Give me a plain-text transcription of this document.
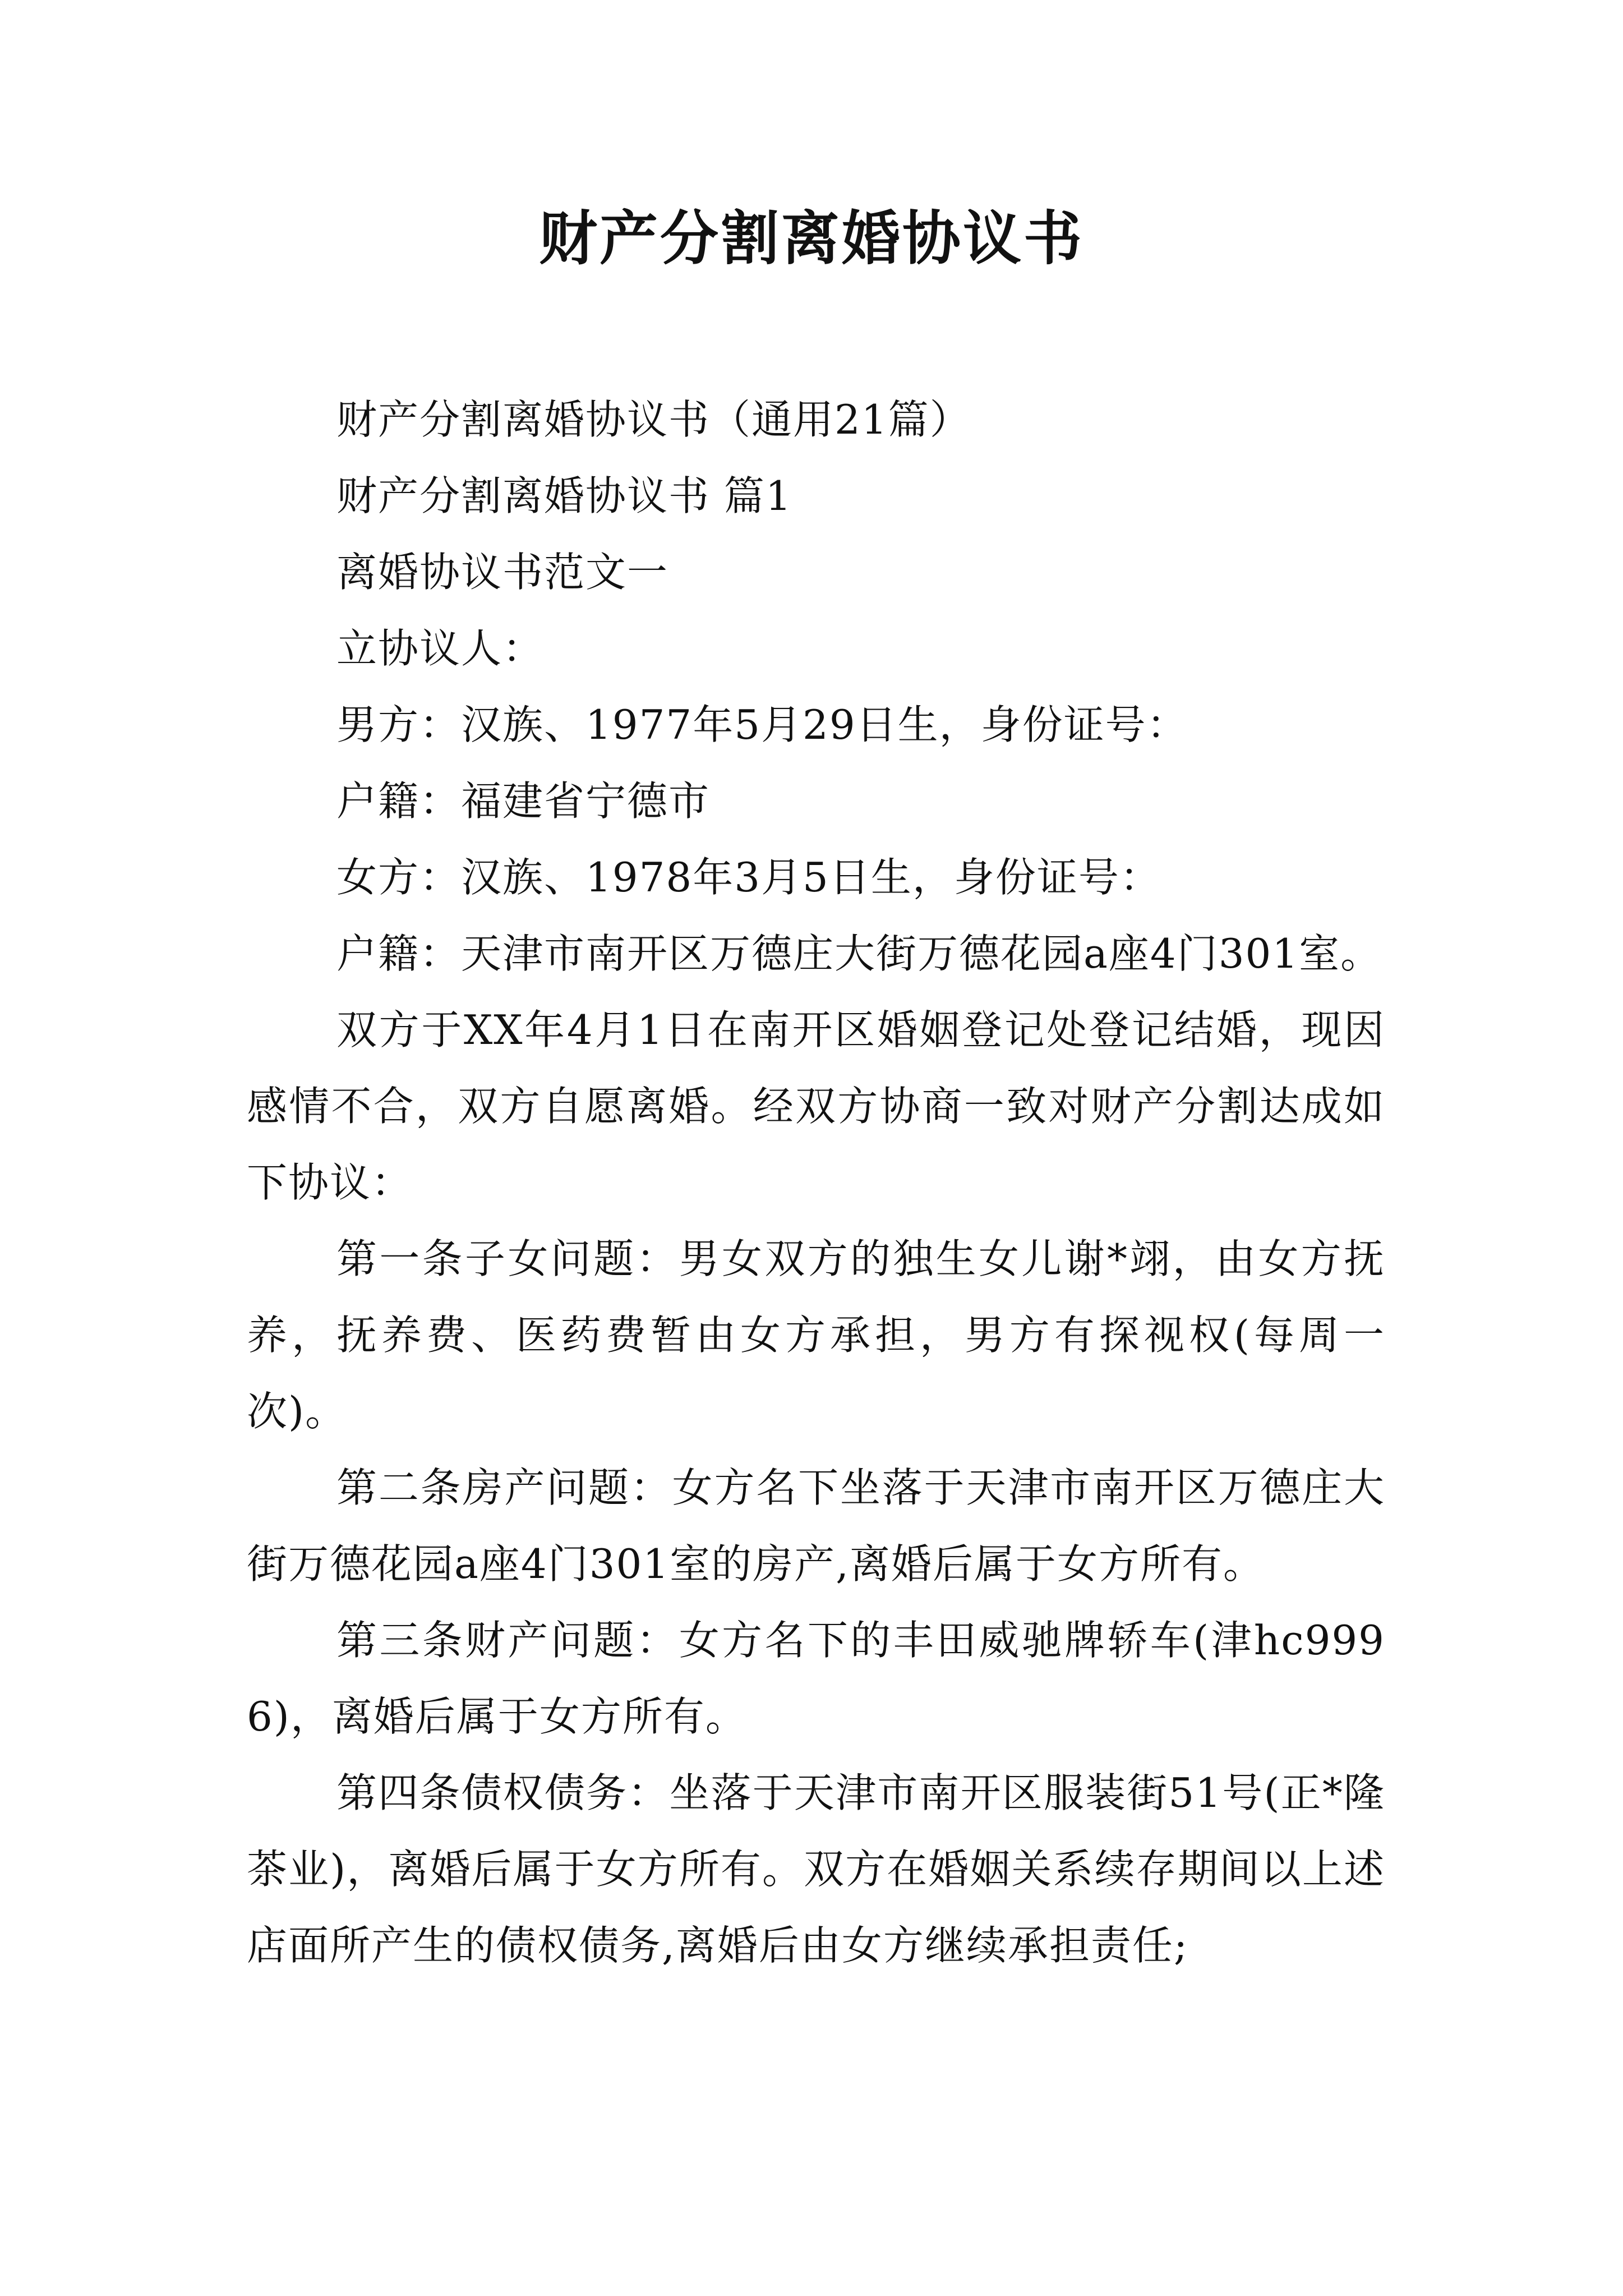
财产分割离婚协议书

财产分割离婚协议书（通用21篇）

财产分割离婚协议书 篇1

离婚协议书范文一

立协议人：

男方：汉族、1977年5月29日生，身份证号：

户籍：福建省宁德市

女方：汉族、1978年3月5日生，身份证号：

户籍：天津市南开区万德庄大街万德花园a座4门301室。

双方于XX年4月1日在南开区婚姻登记处登记结婚，现因感情不合，双方自愿离婚。经双方协商一致对财产分割达成如下协议：

第一条子女问题：男女双方的独生女儿谢*翊，由女方抚养，抚养费、医药费暂由女方承担，男方有探视权(每周一次)。

第二条房产问题：女方名下坐落于天津市南开区万德庄大街万德花园a座4门301室的房产,离婚后属于女方所有。

第三条财产问题：女方名下的丰田威驰牌轿车(津hc9996)，离婚后属于女方所有。

第四条债权债务：坐落于天津市南开区服装街51号(正*隆茶业)，离婚后属于女方所有。双方在婚姻关系续存期间以上述店面所产生的债权债务,离婚后由女方继续承担责任;
